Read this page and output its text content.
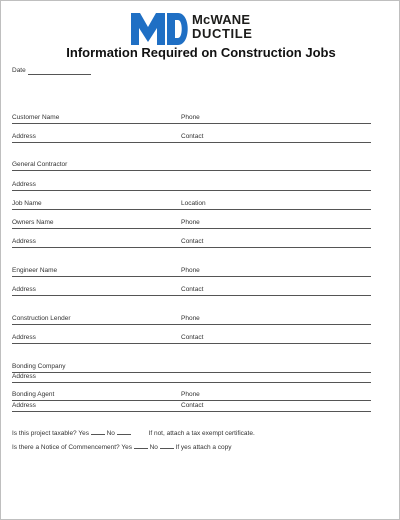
McWANE
DUCTILE
Information Required on Construction Jobs
Date
Customer Name	Phone
Address	Contact
General Contractor
Address
Job Name	Location
Owners Name	Phone
Address	Contact
Engineer Name	Phone
Address	Contact
Construction Lender	Phone
Address	Contact
Bonding Company
Address
Bonding Agent	Phone
Address	Contact
Is this project taxable? Yes	No	If not, attach a tax exempt certificate.
Is there a Notice of Commencement? Yes	No	If yes attach a copy
